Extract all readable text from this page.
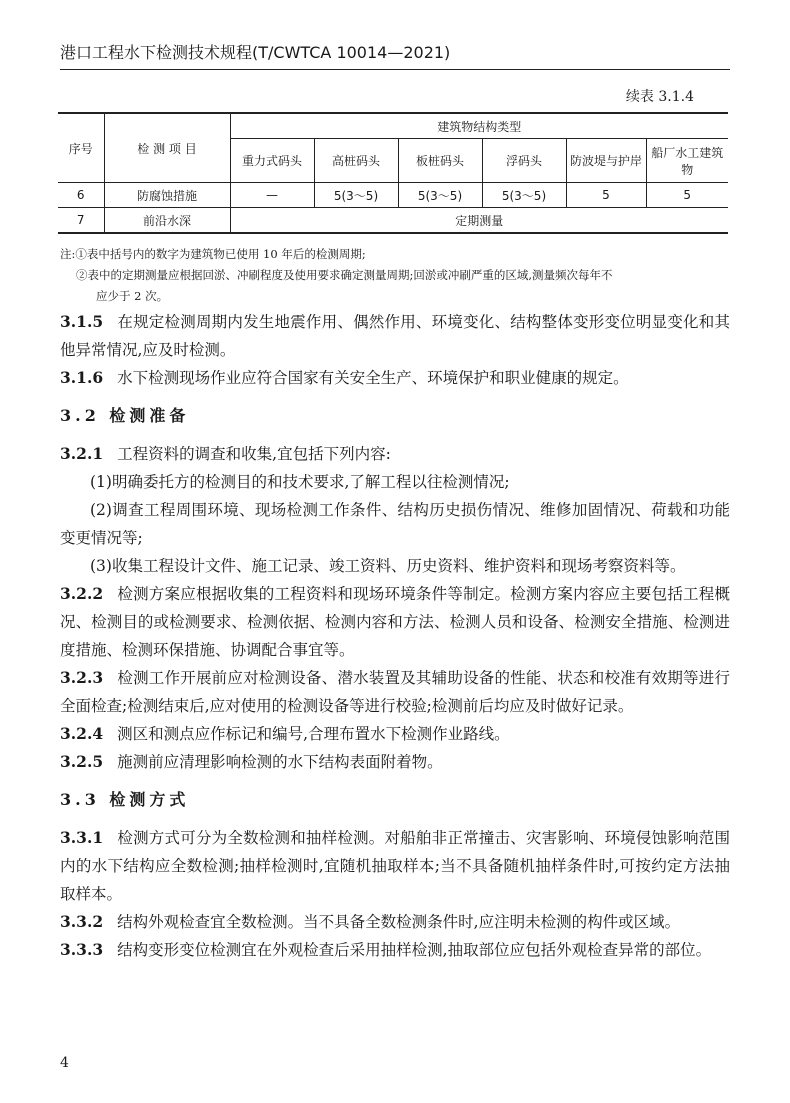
港口工程水下检测技术规程(T/CWTCA 10014—2021)
续表 3.1.4
序号	检 测 项 目	建筑物结构类型					
		重力式码头	高桩码头	板桩码头	浮码头	防波堤与护岸	船厂水工建筑物
6	防腐蚀措施	—	5(3～5)	5(3～5)	5(3～5)	5	5
7	前沿水深	定期测量					
注:①表中括号内的数字为建筑物已使用 10 年后的检测周期;
②表中的定期测量应根据回淤、冲刷程度及使用要求确定测量周期;回淤或冲刷严重的区域,测量频次每年不
应少于 2 次。

3.1.5 在规定检测周期内发生地震作用、偶然作用、环境变化、结构整体变形变位明显变化和其他异常情况,应及时检测。

3.1.6 水下检测现场作业应符合国家有关安全生产、环境保护和职业健康的规定。

3.2 检测准备

3.2.1 工程资料的调查和收集,宜包括下列内容:

(1)明确委托方的检测目的和技术要求,了解工程以往检测情况;

(2)调查工程周围环境、现场检测工作条件、结构历史损伤情况、维修加固情况、荷载和功能变更情况等;

(3)收集工程设计文件、施工记录、竣工资料、历史资料、维护资料和现场考察资料等。

3.2.2 检测方案应根据收集的工程资料和现场环境条件等制定。检测方案内容应主要包括工程概况、检测目的或检测要求、检测依据、检测内容和方法、检测人员和设备、检测安全措施、检测进度措施、检测环保措施、协调配合事宜等。

3.2.3 检测工作开展前应对检测设备、潜水装置及其辅助设备的性能、状态和校准有效期等进行全面检查;检测结束后,应对使用的检测设备等进行校验;检测前后均应及时做好记录。

3.2.4 测区和测点应作标记和编号,合理布置水下检测作业路线。

3.2.5 施测前应清理影响检测的水下结构表面附着物。

3.3 检测方式

3.3.1 检测方式可分为全数检测和抽样检测。对船舶非正常撞击、灾害影响、环境侵蚀影响范围内的水下结构应全数检测;抽样检测时,宜随机抽取样本;当不具备随机抽样条件时,可按约定方法抽取样本。

3.3.2 结构外观检查宜全数检测。当不具备全数检测条件时,应注明未检测的构件或区域。

3.3.3 结构变形变位检测宜在外观检查后采用抽样检测,抽取部位应包括外观检查异常的部位。

4
